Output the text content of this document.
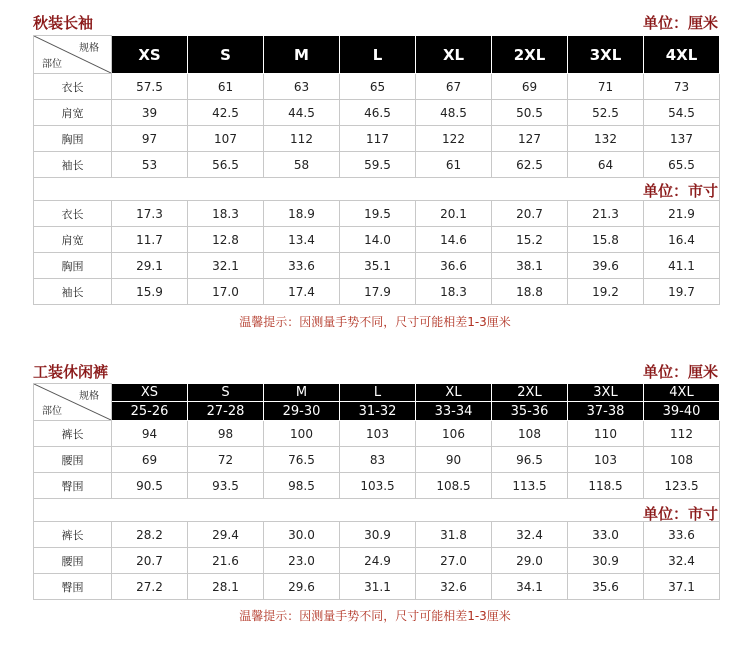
秋装长袖	单位：厘米
规格
部位	XS	S	M	L	XL	2XL	3XL	4XL
衣长	57.5	61	63	65	67	69	71	73
肩宽	39	42.5	44.5	46.5	48.5	50.5	52.5	54.5
胸围	97	107	112	117	122	127	132	137
袖长	53	56.5	58	59.5	61	62.5	64	65.5

衣长	17.3	18.3	18.9	19.5	20.1	20.7	21.3	21.9
肩宽	11.7	12.8	13.4	14.0	14.6	15.2	15.8	16.4
胸围	29.1	32.1	33.6	35.1	36.6	38.1	39.6	41.1
袖长	15.9	17.0	17.4	17.9	18.3	18.8	19.2	19.7
单位：市寸
温馨提示：因测量手势不同，尺寸可能相差1-3厘米
工装休闲裤	单位：厘米
规格
部位	XS	S	M	L	XL	2XL	3XL	4XL
	25-26	27-28	29-30	31-32	33-34	35-36	37-38	39-40
裤长	94	98	100	103	106	108	110	112
腰围	69	72	76.5	83	90	96.5	103	108
臀围	90.5	93.5	98.5	103.5	108.5	113.5	118.5	123.5

裤长	28.2	29.4	30.0	30.9	31.8	32.4	33.0	33.6
腰围	20.7	21.6	23.0	24.9	27.0	29.0	30.9	32.4
臀围	27.2	28.1	29.6	31.1	32.6	34.1	35.6	37.1
单位：市寸
温馨提示：因测量手势不同，尺寸可能相差1-3厘米
